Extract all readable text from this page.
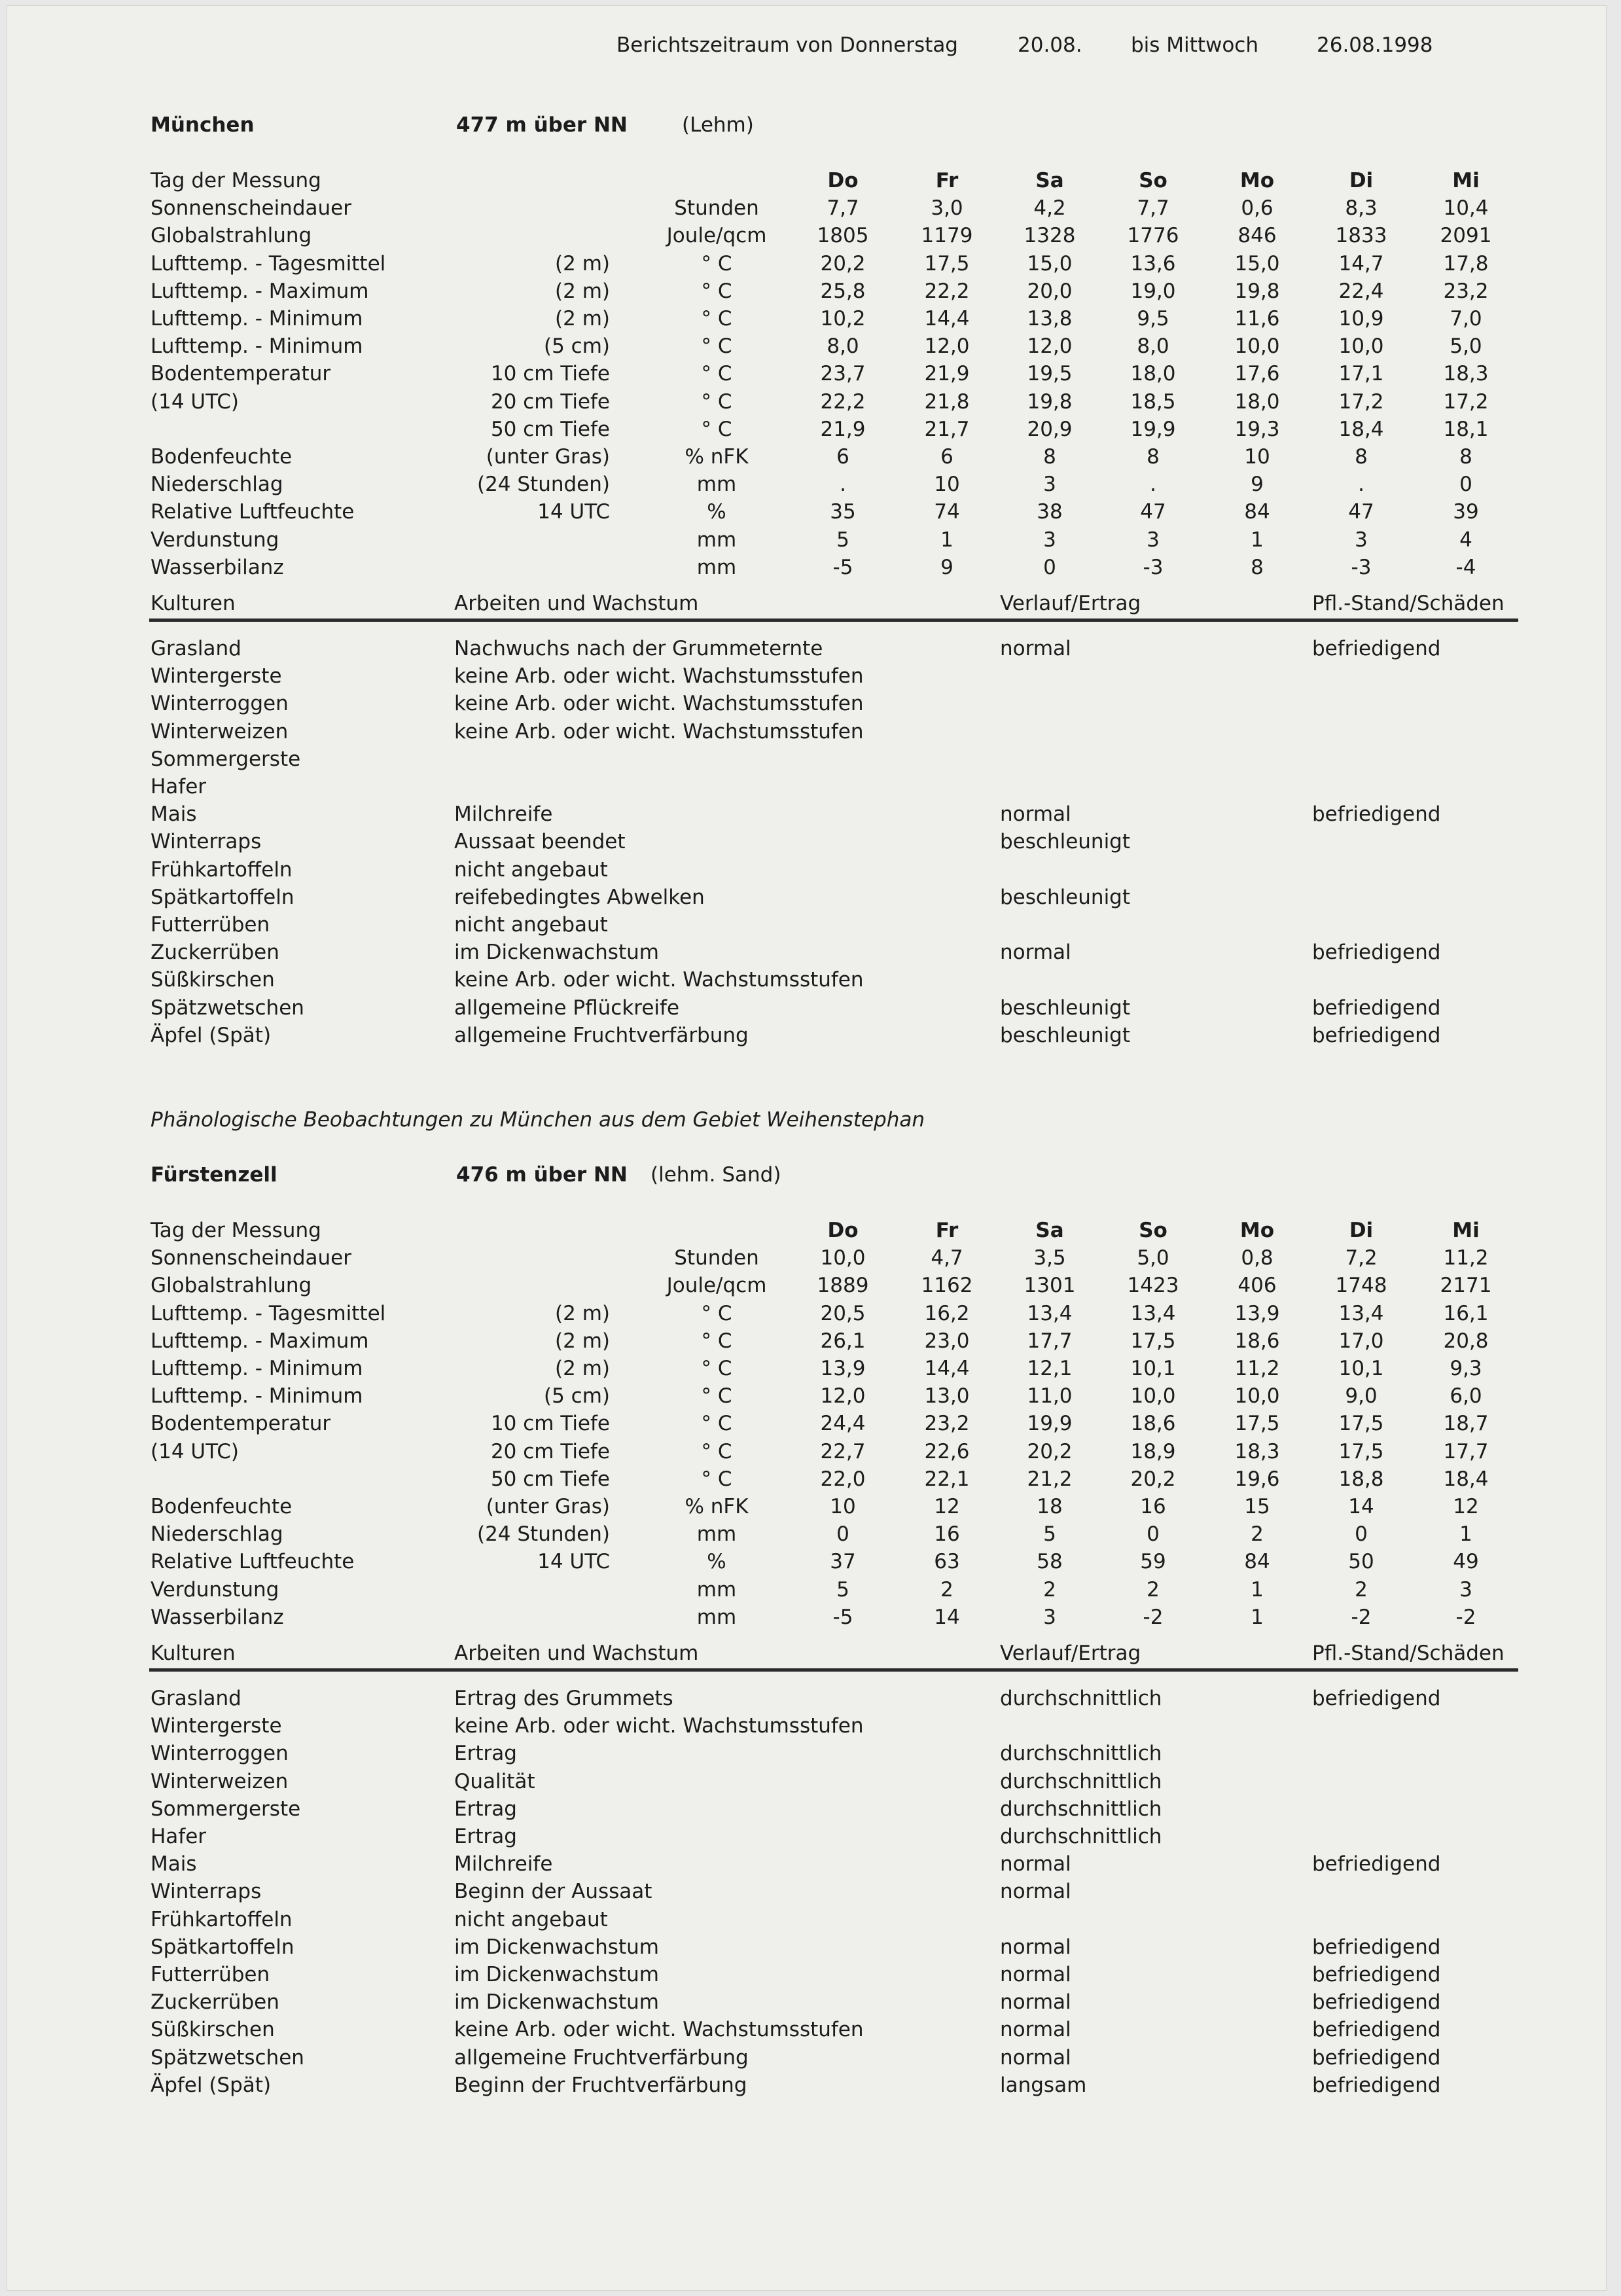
Berichtszeitraum von Donnerstag	20.08. bis Mittwoch	26.08.1998
München	477 m über NN	(Lehm)
Tag der Messung	Do	Fr	Sa	So	Mo	Di	Mi
Sonnenscheindauer	Stunden	7,7	3,0	4,2	7,7	0,6	8,3	10,4
Globalstrahlung	Joule/qcm	1805	1179	1328	1776	846	1833	2091
Lufttemp. - Tagesmittel	(2 m)	° C	20,2	17,5	15,0	13,6	15,0	14,7	17,8
Lufttemp. - Maximum	(2 m)	° C	25,8	22,2	20,0	19,0	19,8	22,4	23,2
Lufttemp. - Minimum	(2 m)	° C	10,2	14,4	13,8	9,5	11,6	10,9	7,0
Lufttemp. - Minimum	(5 cm)	° C	8,0	12,0	12,0	8,0	10,0	10,0	5,0
Bodentemperatur	10 cm Tiefe	° C	23,7	21,9	19,5	18,0	17,6	17,1	18,3
(14 UTC)	20 cm Tiefe	° C	22,2	21,8	19,8	18,5	18,0	17,2	17,2
50 cm Tiefe	° C	21,9	21,7	20,9	19,9	19,3	18,4	18,1
Bodenfeuchte	(unter Gras)	% nFK	6	6	8	8	10	8	8
Niederschlag	(24 Stunden)	mm	.	10	3	.	9	.	0
Relative Luftfeuchte	14 UTC	%	35	74	38	47	84	47	39
Verdunstung	mm	5	1	3	3	1	3	4
Wasserbilanz	mm	-5	9	0	-3	8	-3	-4
Kulturen	Arbeiten und Wachstum	Verlauf/Ertrag	Pfl.-Stand/Schäden
Grasland	Nachwuchs nach der Grummeternte	normal	befriedigend
Wintergerste	keine Arb. oder wicht. Wachstumsstufen
Winterroggen	keine Arb. oder wicht. Wachstumsstufen
Winterweizen	keine Arb. oder wicht. Wachstumsstufen
Sommergerste
Hafer
Mais	Milchreife	normal	befriedigend
Winterraps	Aussaat beendet	beschleunigt
Frühkartoffeln	nicht angebaut
Spätkartoffeln	reifebedingtes Abwelken	beschleunigt
Futterrüben	nicht angebaut
Zuckerrüben	im Dickenwachstum	normal	befriedigend
Süßkirschen	keine Arb. oder wicht. Wachstumsstufen
Spätzwetschen	allgemeine Pflückreife	beschleunigt	befriedigend
Äpfel (Spät)	allgemeine Fruchtverfärbung	beschleunigt	befriedigend
Phänologische Beobachtungen zu München aus dem Gebiet Weihenstephan
Fürstenzell	476 m über NN (lehm. Sand)
Tag der Messung	Do	Fr	Sa	So	Mo	Di	Mi
Sonnenscheindauer	Stunden	10,0	4,7	3,5	5,0	0,8	7,2	11,2
Globalstrahlung	Joule/qcm	1889	1162	1301	1423	406	1748	2171
Lufttemp. - Tagesmittel	(2 m)	° C	20,5	16,2	13,4	13,4	13,9	13,4	16,1
Lufttemp. - Maximum	(2 m)	° C	26,1	23,0	17,7	17,5	18,6	17,0	20,8
Lufttemp. - Minimum	(2 m)	° C	13,9	14,4	12,1	10,1	11,2	10,1	9,3
Lufttemp. - Minimum	(5 cm)	° C	12,0	13,0	11,0	10,0	10,0	9,0	6,0
Bodentemperatur	10 cm Tiefe	° C	24,4	23,2	19,9	18,6	17,5	17,5	18,7
(14 UTC)	20 cm Tiefe	° C	22,7	22,6	20,2	18,9	18,3	17,5	17,7
50 cm Tiefe	° C	22,0	22,1	21,2	20,2	19,6	18,8	18,4
Bodenfeuchte	(unter Gras)	% nFK	10	12	18	16	15	14	12
Niederschlag	(24 Stunden)	mm	0	16	5	0	2	0	1
Relative Luftfeuchte	14 UTC	%	37	63	58	59	84	50	49
Verdunstung	mm	5	2	2	2	1	2	3
Wasserbilanz	mm	-5	14	3	-2	1	-2	-2
Kulturen	Arbeiten und Wachstum	Verlauf/Ertrag	Pfl.-Stand/Schäden
Grasland	Ertrag des Grummets	durchschnittlich	befriedigend
Wintergerste	keine Arb. oder wicht. Wachstumsstufen
Winterroggen	Ertrag	durchschnittlich
Winterweizen	Qualität	durchschnittlich
Sommergerste	Ertrag	durchschnittlich
Hafer	Ertrag	durchschnittlich
Mais	Milchreife	normal	befriedigend
Winterraps	Beginn der Aussaat	normal
Frühkartoffeln	nicht angebaut
Spätkartoffeln	im Dickenwachstum	normal	befriedigend
Futterrüben	im Dickenwachstum	normal	befriedigend
Zuckerrüben	im Dickenwachstum	normal	befriedigend
Süßkirschen	keine Arb. oder wicht. Wachstumsstufen	normal	befriedigend
Spätzwetschen	allgemeine Fruchtverfärbung	normal	befriedigend
Äpfel (Spät)	Beginn der Fruchtverfärbung	langsam	befriedigend
